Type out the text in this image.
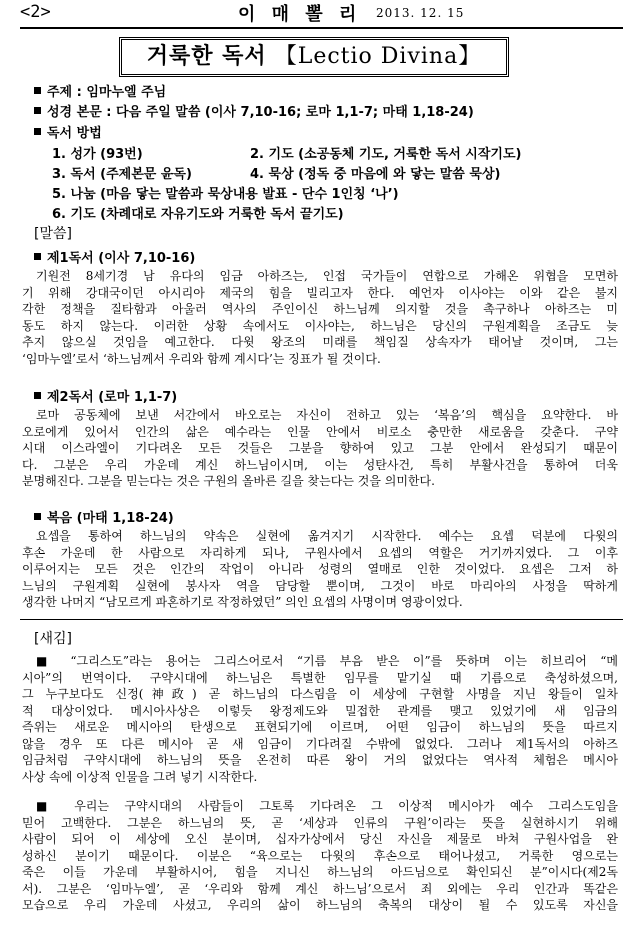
<2>	이 매 뽈 리 2013. 12. 15
거룩한 독서 【Lectio Divina】
주제 : 임마누엘 주님
성경 본문 : 다음 주일 말씀 (이사 7,10-16; 로마 1,1-7; 마태 1,18-24)
독서 방법
1. 성가 (93번)	2. 기도 (소공동체 기도, 거룩한 독서 시작기도)
3. 독서 (주제본문 윤독)	4. 묵상 (정독 중 마음에 와 닿는 말씀 묵상)
5. 나눔 (마음 닿는 말씀과 묵상내용 발표 - 단수 1인칭 ‘나’)
6. 기도 (차례대로 자유기도와 거룩한 독서 끝기도)
[말씀]
제1독서 (이사 7,10-16)
기원전 8세기경 남 유다의 임금 아하즈는, 인접 국가들이 연합으로 가해온 위협을 모면하
기 위해 강대국이던 아시리아 제국의 힘을 빌리고자 한다. 예언자 이사야는 이와 같은 불지
각한 정책을 질타함과 아울러 역사의 주인이신 하느님께 의지할 것을 촉구하나 아하즈는 미
동도 하지 않는다. 이러한 상황 속에서도 이사야는, 하느님은 당신의 구원계획을 조금도 늦
추지 않으실 것임을 예고한다. 다윗 왕조의 미래를 책임질 상속자가 태어날 것이며, 그는
‘임마누엘’로서 ‘하느님께서 우리와 함께 계시다’는 징표가 될 것이다.
제2독서 (로마 1,1-7)
로마 공동체에 보낸 서간에서 바오로는 자신이 전하고 있는 ‘복음’의 핵심을 요약한다. 바
오로에게 있어서 인간의 삶은 예수라는 인물 안에서 비로소 충만한 새로움을 갖춘다. 구약
시대 이스라엘이 기다려온 모든 것들은 그분을 향하여 있고 그분 안에서 완성되기 때문이
다. 그분은 우리 가운데 계신 하느님이시며, 이는 성탄사건, 특히 부활사건을 통하여 더욱
분명해진다. 그분을 믿는다는 것은 구원의 올바른 길을 찾는다는 것을 의미한다.
복음 (마태 1,18-24)
요셉을 통하여 하느님의 약속은 실현에 옮겨지기 시작한다. 예수는 요셉 덕분에 다윗의
후손 가운데 한 사람으로 자리하게 되나, 구원사에서 요셉의 역할은 거기까지였다. 그 이후
이루어지는 모든 것은 인간의 작업이 아니라 성령의 열매로 인한 것이었다. 요셉은 그저 하
느님의 구원계획 실현에 봉사자 역을 담당할 뿐이며, 그것이 바로 마리아의 사정을 딱하게
생각한 나머지 “남모르게 파혼하기로 작정하였던” 의인 요셉의 사명이며 영광이었다.
[새김]
■ “그리스도”라는 용어는 그리스어로서 “기름 부음 받은 이”를 뜻하며 이는 히브리어 “메
시아”의 번역이다. 구약시대에 하느님은 특별한 임무를 맡기실 때 기름으로 축성하셨으며,
그 누구보다도 신정(神政) 곧 하느님의 다스림을 이 세상에 구현할 사명을 지닌 왕들이 일차
적 대상이었다. 메시아사상은 이렇듯 왕정제도와 밀접한 관계를 맺고 있었기에 새 임금의
즉위는 새로운 메시아의 탄생으로 표현되기에 이르며, 어떤 임금이 하느님의 뜻을 따르지
않을 경우 또 다른 메시아 곧 새 임금이 기다려질 수밖에 없었다. 그러나 제1독서의 아하즈
임금처럼 구약시대에 하느님의 뜻을 온전히 따른 왕이 거의 없었다는 역사적 체험은 메시아
사상 속에 이상적 인물을 그려 넣기 시작한다.
■ 우리는 구약시대의 사람들이 그토록 기다려온 그 이상적 메시아가 예수 그리스도임을
믿어 고백한다. 그분은 하느님의 뜻, 곧 ‘세상과 인류의 구원’이라는 뜻을 실현하시기 위해
사람이 되어 이 세상에 오신 분이며, 십자가상에서 당신 자신을 제물로 바쳐 구원사업을 완
성하신 분이기 때문이다. 이분은 “육으로는 다윗의 후손으로 태어나셨고, 거룩한 영으로는
죽은 이들 가운데 부활하시어, 힘을 지니신 하느님의 아드님으로 확인되신 분”이시다(제2독
서). 그분은 ‘임마누엘’, 곧 ‘우리와 함께 계신 하느님’으로서 죄 외에는 우리 인간과 똑같은
모습으로 우리 가운데 사셨고, 우리의 삶이 하느님의 축복의 대상이 될 수 있도록 자신을
